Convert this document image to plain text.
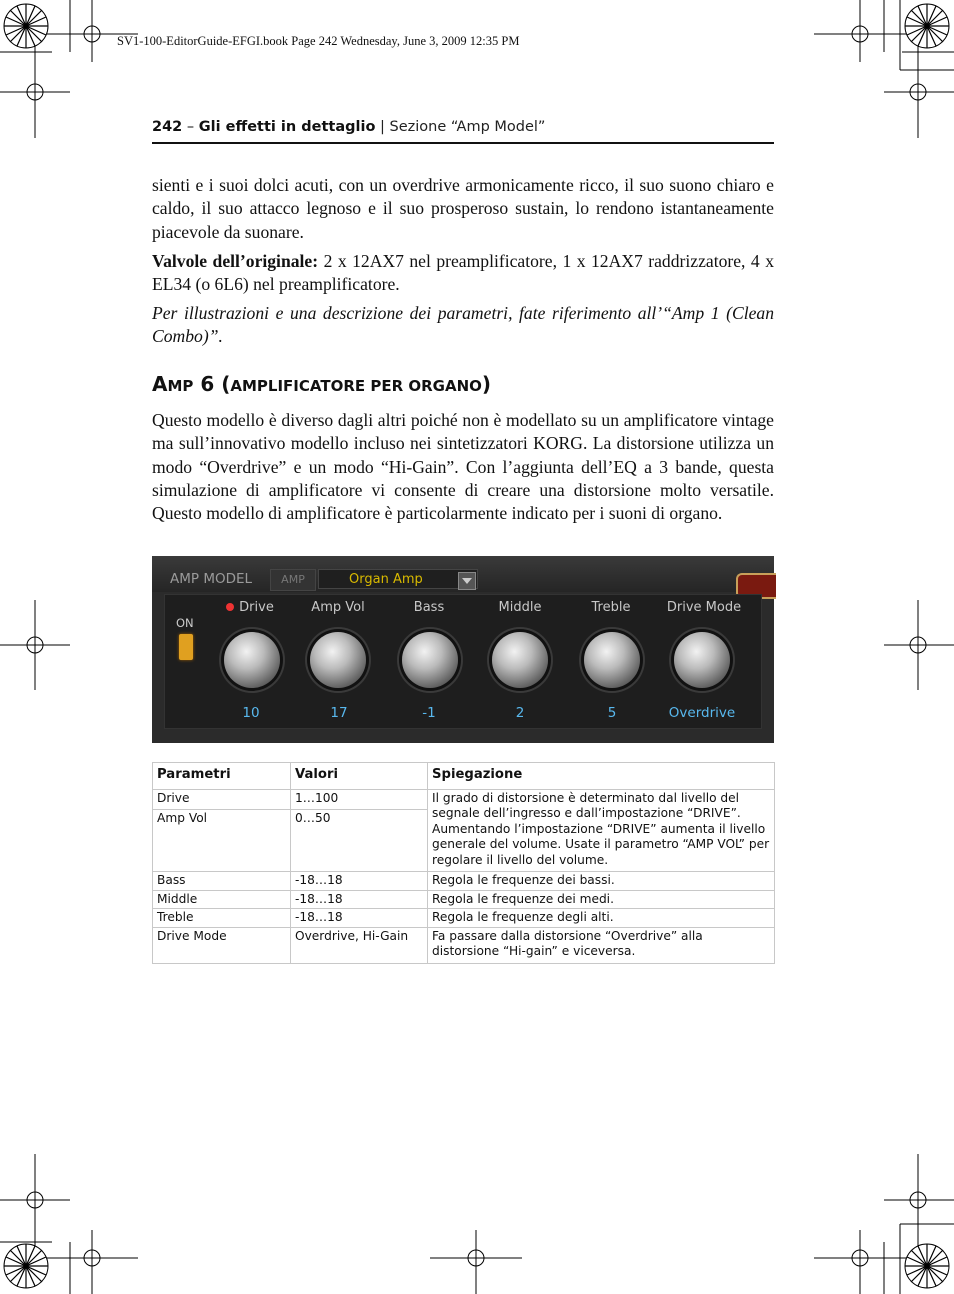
SV1-100-EditorGuide-EFGI.book Page 242 Wednesday, June 3, 2009 12:35 PM
242 – Gli effetti in dettaglio | Sezione “Amp Model”
sienti e i suoi dolci acuti, con un overdrive armonicamente ricco, il suo suono chiaro e caldo, il suo attacco legnoso e il suo prosperoso sustain, lo rendono istantaneamente piacevole da suonare.
Valvole dell’originale: 2 x 12AX7 nel preamplificatore, 1 x 12AX7 raddrizzatore, 4 x EL34 (o 6L6) nel preamplificatore.
Per illustrazioni e una descrizione dei parametri, fate riferimento all’“Amp 1 (Clean Combo)”.
AMP 6 (AMPLIFICATORE PER ORGANO)
Questo modello è diverso dagli altri poiché non è modellato su un amplificatore vintage ma sull’innovativo modello incluso nei sintetizzatori KORG. La distorsione utilizza un modo “Overdrive” e un modo “Hi-Gain”. Con l’aggiunta dell’EQ a 3 bande, questa simulazione di amplificatore vi consente di creare una distorsione molto versatile. Questo modello di amplificatore è particolarmente indicato per i suoni di organo.
AMP MODEL	AMP	Organ Amp
ON
Drive	Amp Vol	Bass	Middle	Treble	Drive Mode
10	17	-1	2	5	Overdrive
Parametri	Valori	Spiegazione
Drive	1…100	Il grado di distorsione è determinato dal livello del segnale dell’ingresso e dall’impostazione “DRIVE”. Aumentando l’impostazione “DRIVE” aumenta il livello generale del volume. Usate il parametro “AMP VOL” per regolare il livello del volume.
Amp Vol	0…50	
Bass	-18…18	Regola le frequenze dei bassi.
Middle	-18…18	Regola le frequenze dei medi.
Treble	-18…18	Regola le frequenze degli alti.
Drive Mode	Overdrive, Hi-Gain	Fa passare dalla distorsione “Overdrive” alla distorsione “Hi-gain” e viceversa.
